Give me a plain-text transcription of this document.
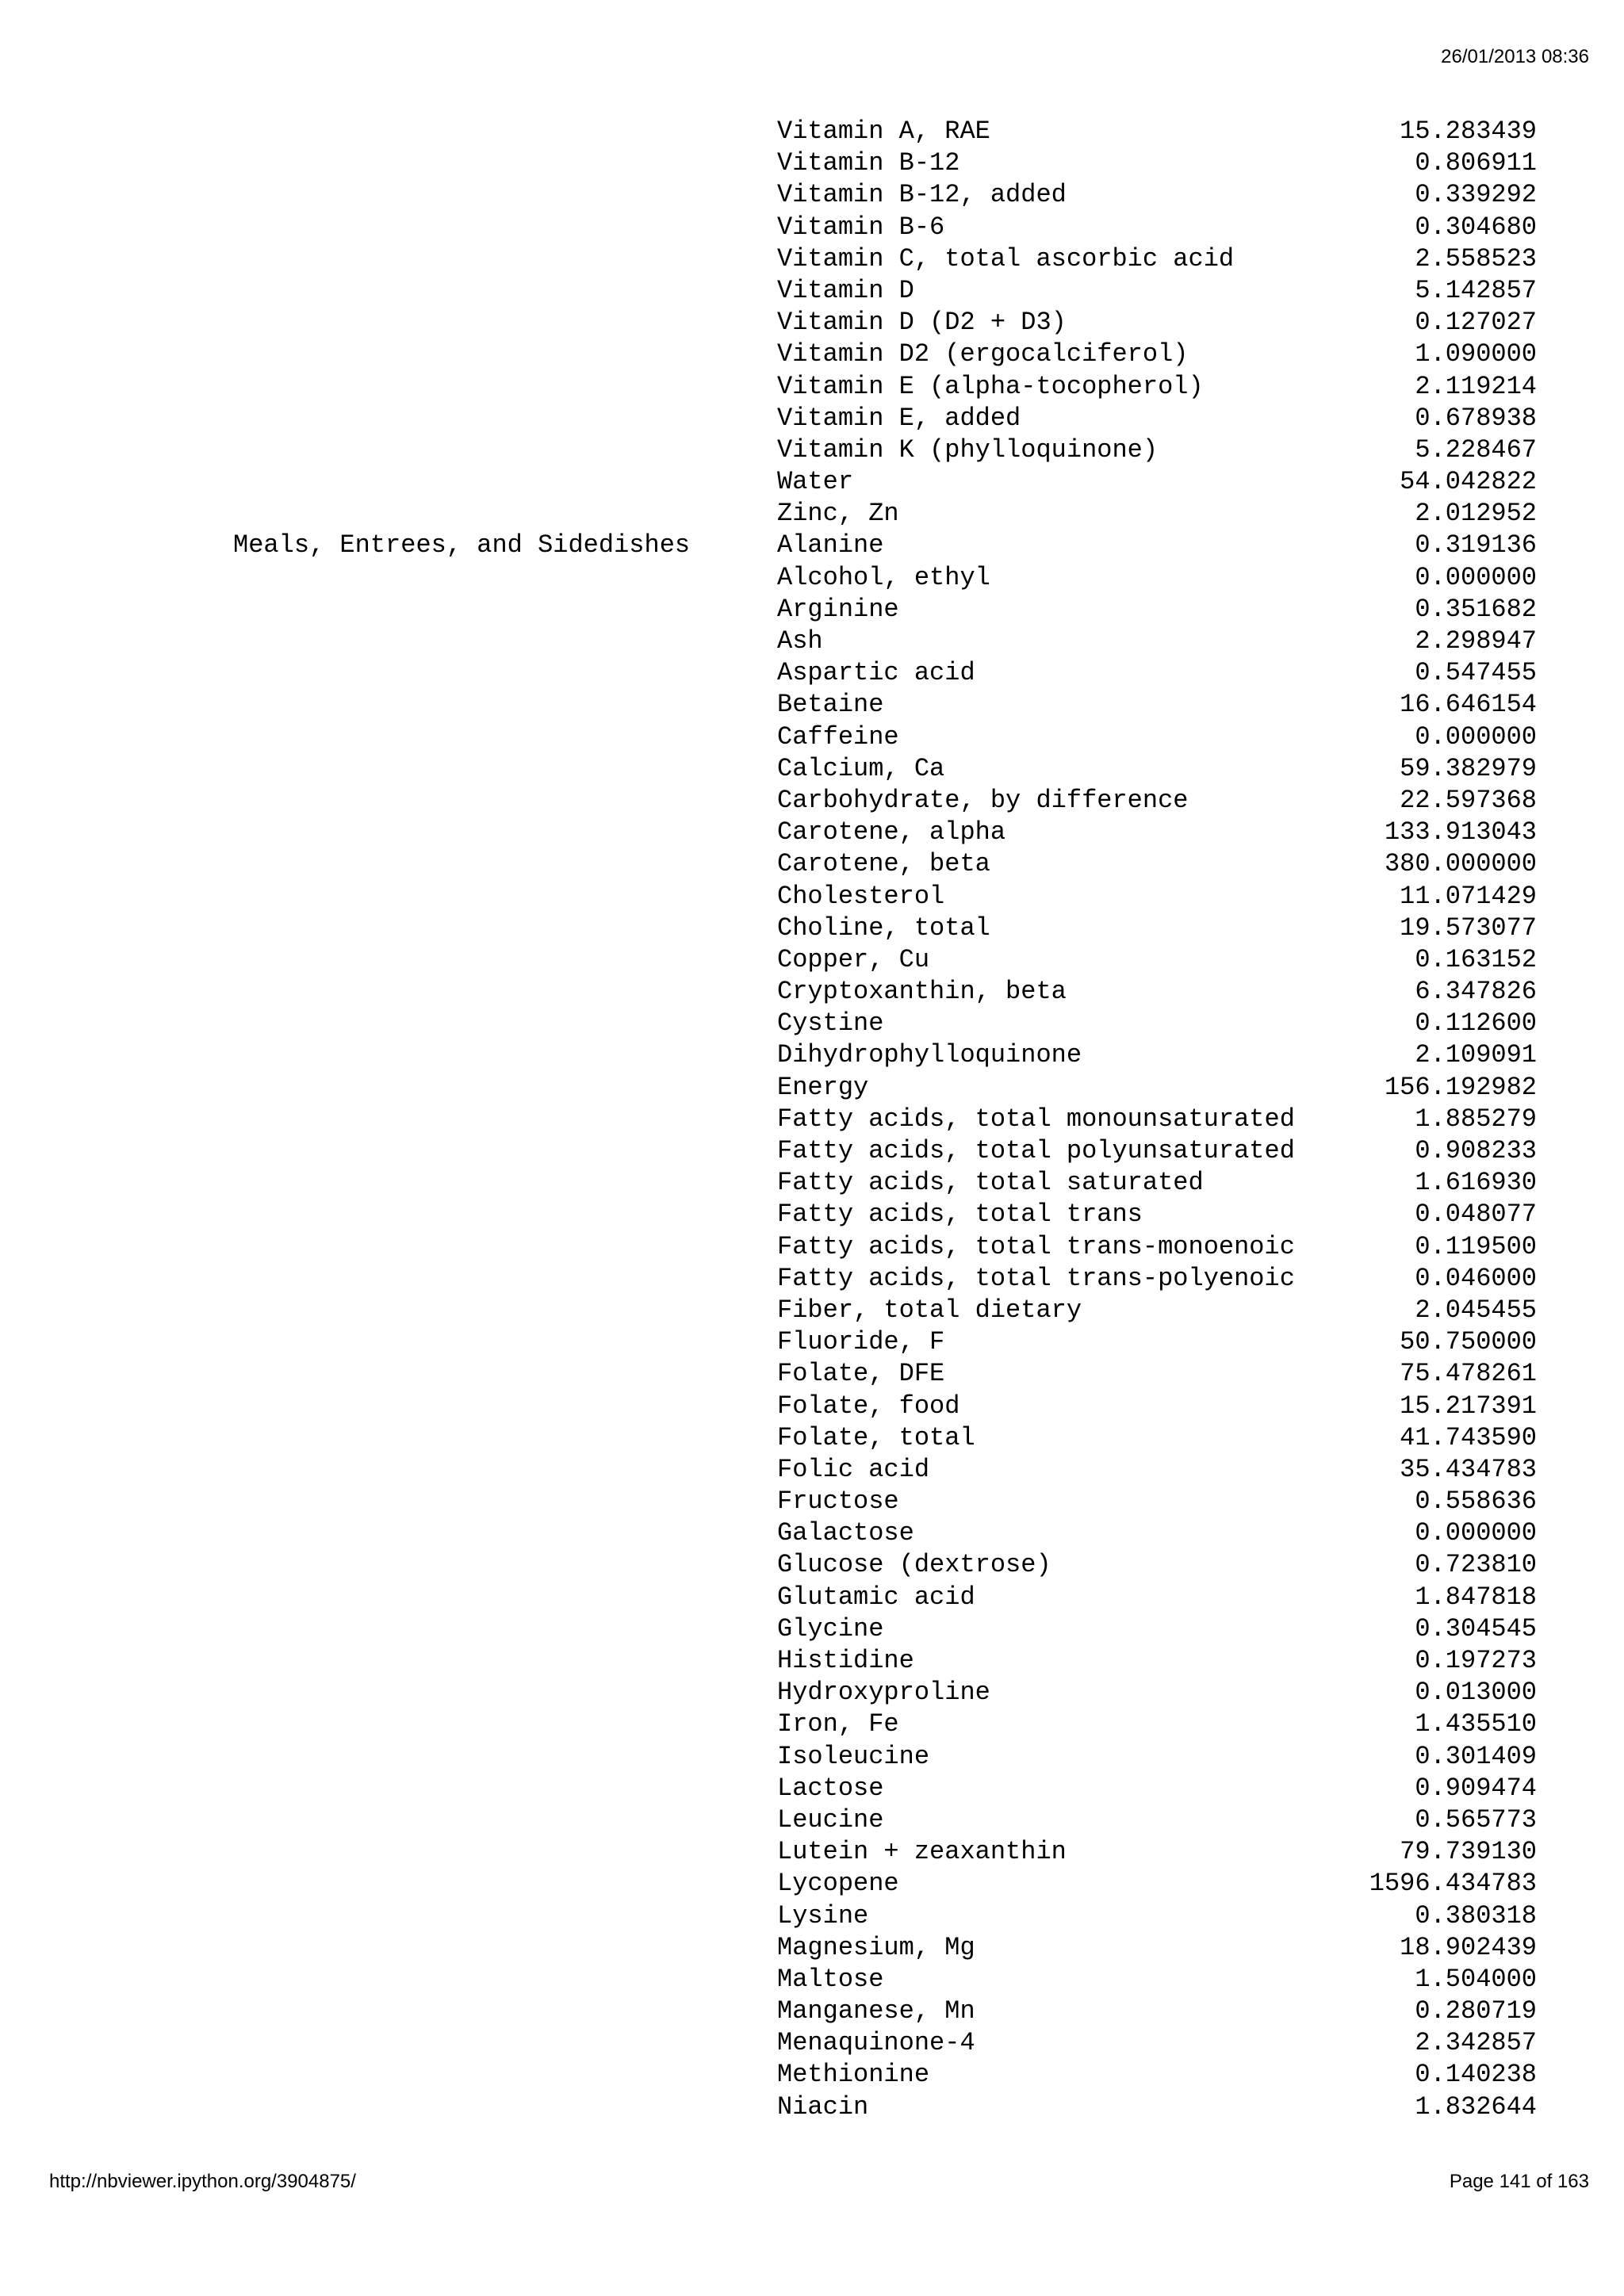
26/01/2013 08:36
Vitamin A, RAE	15.283439
Vitamin B-12	0.806911
Vitamin B-12, added	0.339292
Vitamin B-6	0.304680
Vitamin C, total ascorbic acid	2.558523
Vitamin D	5.142857
Vitamin D (D2 + D3)	0.127027
Vitamin D2 (ergocalciferol)	1.090000
Vitamin E (alpha-tocopherol)	2.119214
Vitamin E, added	0.678938
Vitamin K (phylloquinone)	5.228467
Water	54.042822
Zinc, Zn	2.012952
Meals, Entrees, and Sidedishes	Alanine	0.319136
Alcohol, ethyl	0.000000
Arginine	0.351682
Ash	2.298947
Aspartic acid	0.547455
Betaine	16.646154
Caffeine	0.000000
Calcium, Ca	59.382979
Carbohydrate, by difference	22.597368
Carotene, alpha	133.913043
Carotene, beta	380.000000
Cholesterol	11.071429
Choline, total	19.573077
Copper, Cu	0.163152
Cryptoxanthin, beta	6.347826
Cystine	0.112600
Dihydrophylloquinone	2.109091
Energy	156.192982
Fatty acids, total monounsaturated	1.885279
Fatty acids, total polyunsaturated	0.908233
Fatty acids, total saturated	1.616930
Fatty acids, total trans	0.048077
Fatty acids, total trans-monoenoic	0.119500
Fatty acids, total trans-polyenoic	0.046000
Fiber, total dietary	2.045455
Fluoride, F	50.750000
Folate, DFE	75.478261
Folate, food	15.217391
Folate, total	41.743590
Folic acid	35.434783
Fructose	0.558636
Galactose	0.000000
Glucose (dextrose)	0.723810
Glutamic acid	1.847818
Glycine	0.304545
Histidine	0.197273
Hydroxyproline	0.013000
Iron, Fe	1.435510
Isoleucine	0.301409
Lactose	0.909474
Leucine	0.565773
Lutein + zeaxanthin	79.739130
Lycopene	1596.434783
Lysine	0.380318
Magnesium, Mg	18.902439
Maltose	1.504000
Manganese, Mn	0.280719
Menaquinone-4	2.342857
Methionine	0.140238
Niacin	1.832644
http://nbviewer.ipython.org/3904875/	Page 141 of 163
